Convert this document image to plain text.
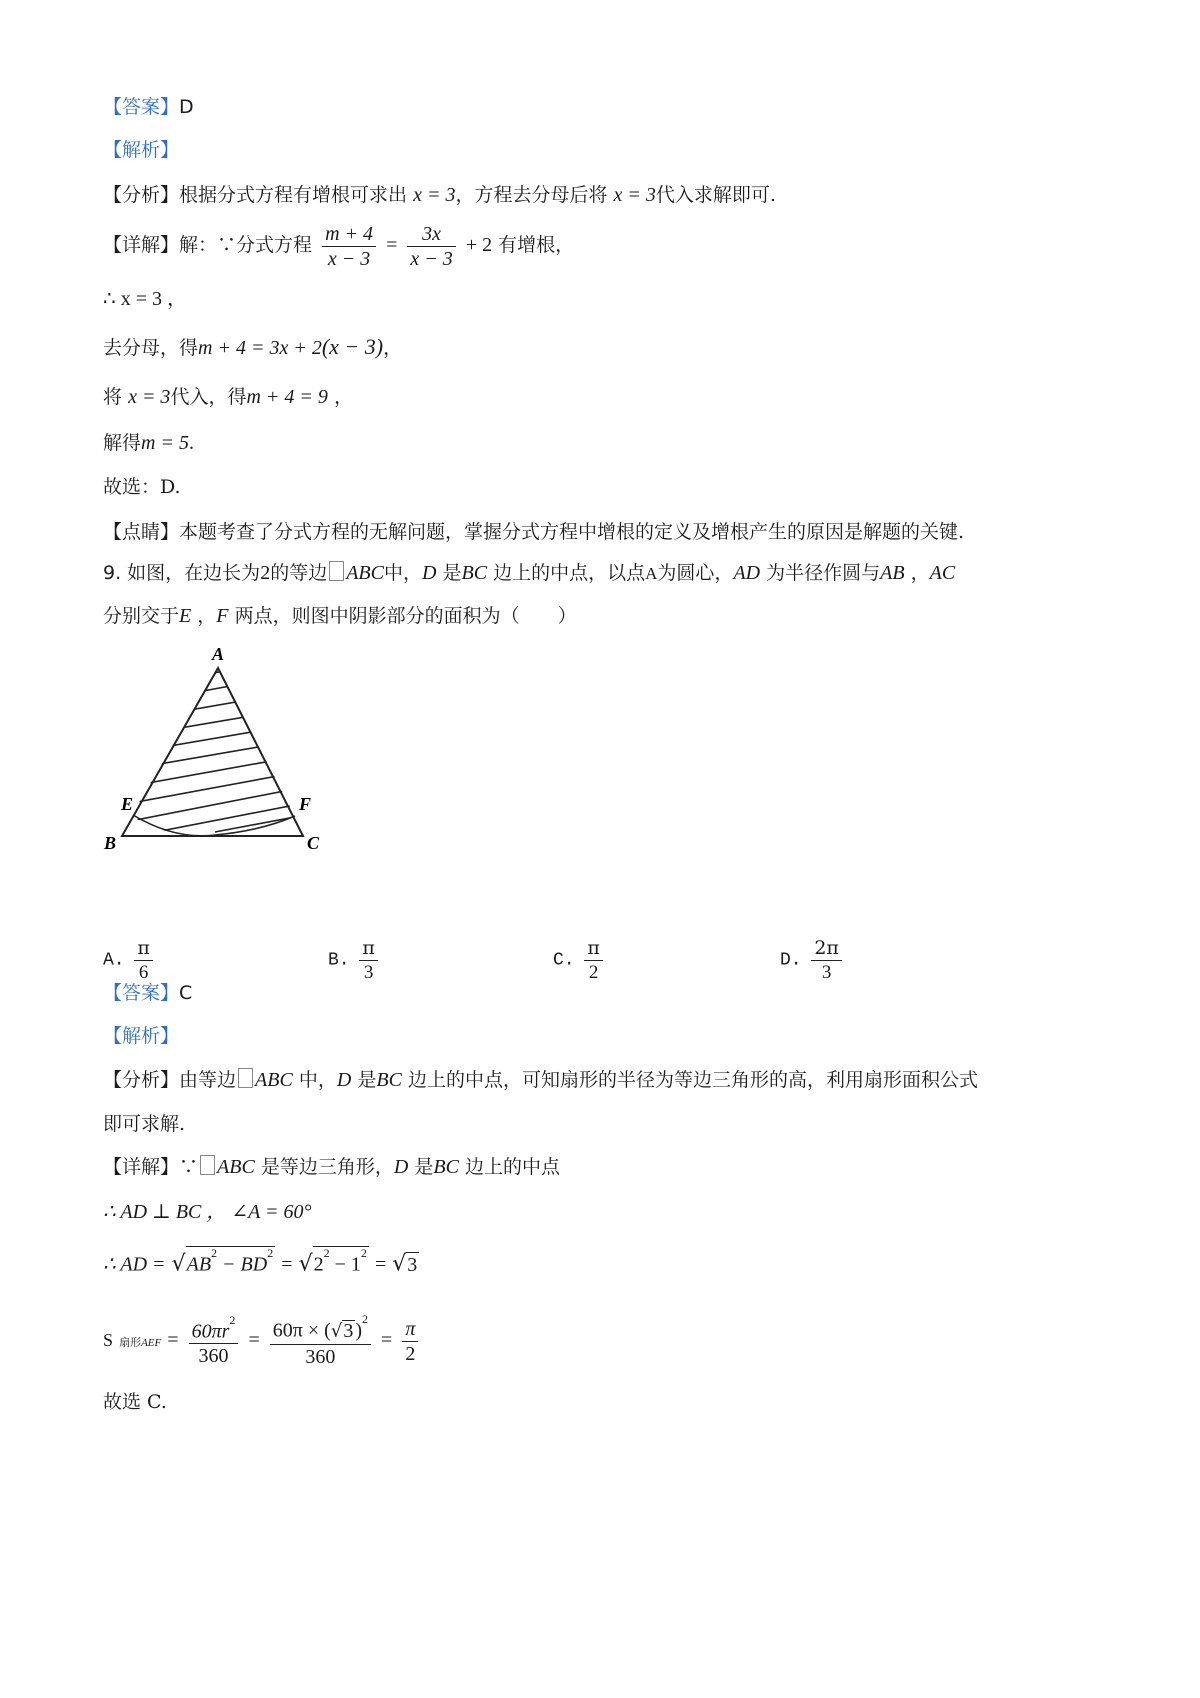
【答案】D
【解析】
【分析】根据分式方程有增根可求出 x = 3，方程去分母后将 x = 3代入求解即可.
【详解】解：∵分式方程 $\frac{m + 4}{x - 3} = \frac{3x}{x - 3} + 2$ 有增根，
∴ x = 3 ，
去分母，得m + 4 = 3x + 2(x − 3)，
将 x = 3代入，得m + 4 = 9 ，
解得m = 5.
故选：D.
【点睛】本题考查了分式方程的无解问题，掌握分式方程中增根的定义及增根产生的原因是解题的关键.
9. 如图，在边长为2的等边 ABC中，D 是BC 边上的中点，以点A为圆心，AD 为半径作圆与AB ，AC
分别交于E ，F 两点，则图中阴影部分的面积为（　　）
A
B	C
E	F
A. $\frac{\pi}{6}$	B. $\frac{\pi}{3}$	C. $\frac{\pi}{2}$	D. $\frac{2\pi}{3}$
【答案】C
【解析】
【分析】由等边 ABC 中，D 是BC 边上的中点，可知扇形的半径为等边三角形的高，利用扇形面积公式
即可求解.
【详解】∵ ABC 是等边三角形，D 是BC 边上的中点
∴ AD ⊥ BC ， ∠A = 60°
∴ AD = $√AB^2 - BD^2 = √2^2 - 1^2 = √3$
S 扇形AEF = $\frac{60\pi r^2}{360} = \frac{60\pi \times (√3 )^2}{360} = \frac{\pi}{2}$
故选 C.
